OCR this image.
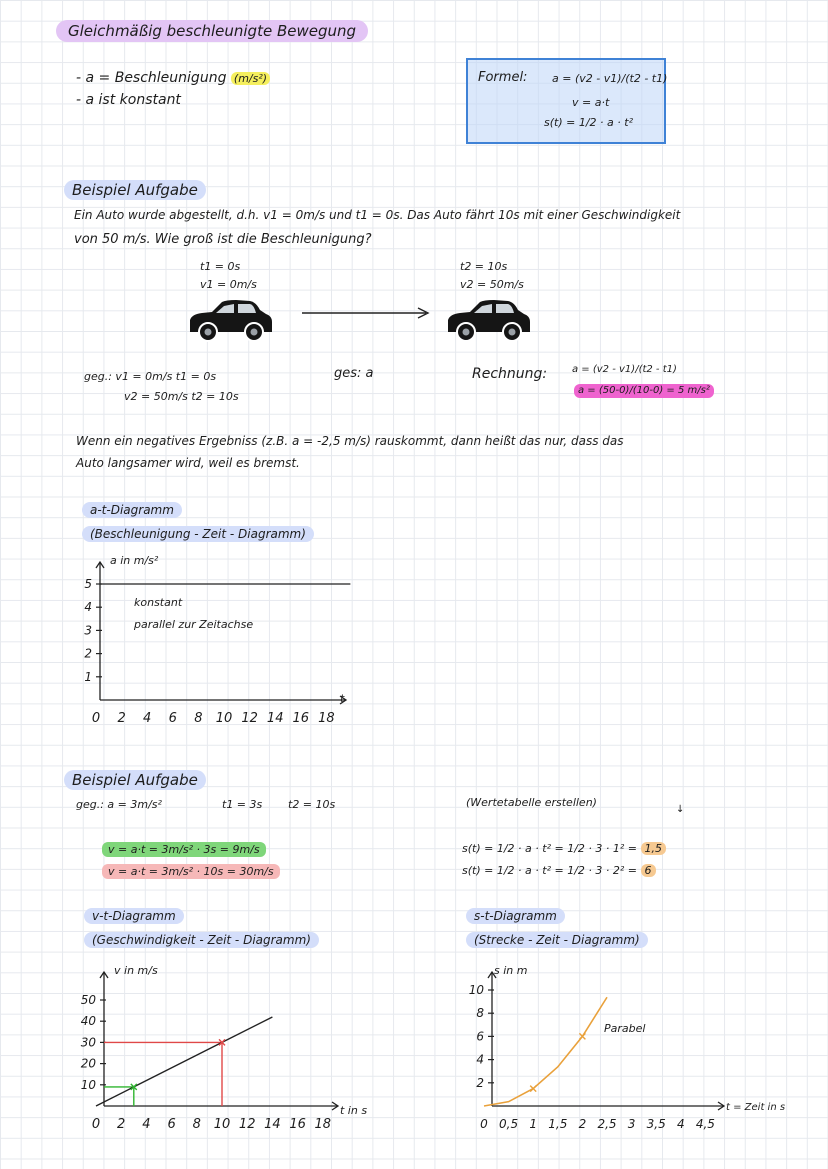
Gleichmäßig beschleunigte Bewegung
- a = Beschleunigung (m/s²)
- a ist konstant
Formel: a = (v2 - v1)/(t2 - t1)
v = a·t
s(t) = 1/2 · a · t²
Beispiel Aufgabe
Ein Auto wurde abgestellt, d.h. v1 = 0m/s und t1 = 0s. Das Auto fährt 10s mit einer Geschwindigkeit
von 50 m/s. Wie groß ist die Beschleunigung?
t1 = 0s
v1 = 0m/s
t2 = 10s
v2 = 50m/s
geg.: v1 = 0m/s t1 = 0s
v2 = 50m/s t2 = 10s
ges: a	Rechnung: a = (v2 - v1)/(t2 - t1)
a = (50-0)/(10-0) = 5 m/s²
Wenn ein negatives Ergebniss (z.B. a = -2,5 m/s) rauskommt, dann heißt das nur, dass das
Auto langsamer wird, weil es bremst.
a-t-Diagramm
(Beschleunigung - Zeit - Diagramm)
a in m/s²
konstant
parallel zur Zeitachse
t
5
4
3
2
1
0 2 4 6 8 10 12 14 16 18
Beispiel Aufgabe
geg.: a = 3m/s²	t1 = 3s t2 = 10s
v = a·t = 3m/s² · 3s = 9m/s
v = a·t = 3m/s² · 10s = 30m/s
(Wertetabelle erstellen)
↓
s(t) = 1/2 · a · t² = 1/2 · 3 · 1² = 1,5
s(t) = 1/2 · a · t² = 1/2 · 3 · 2² = 6
v-t-Diagramm
(Geschwindigkeit - Zeit - Diagramm)
v in m/s
t in s
50
40
30
20
10
0 2 4 6 8 10 12 14 16 18
s-t-Diagramm
(Strecke - Zeit - Diagramm)
s in m
Parabel
t = Zeit in s
10
8
6
4
2
0 0,5 1 1,5 2 2,5 3 3,5 4 4,5
